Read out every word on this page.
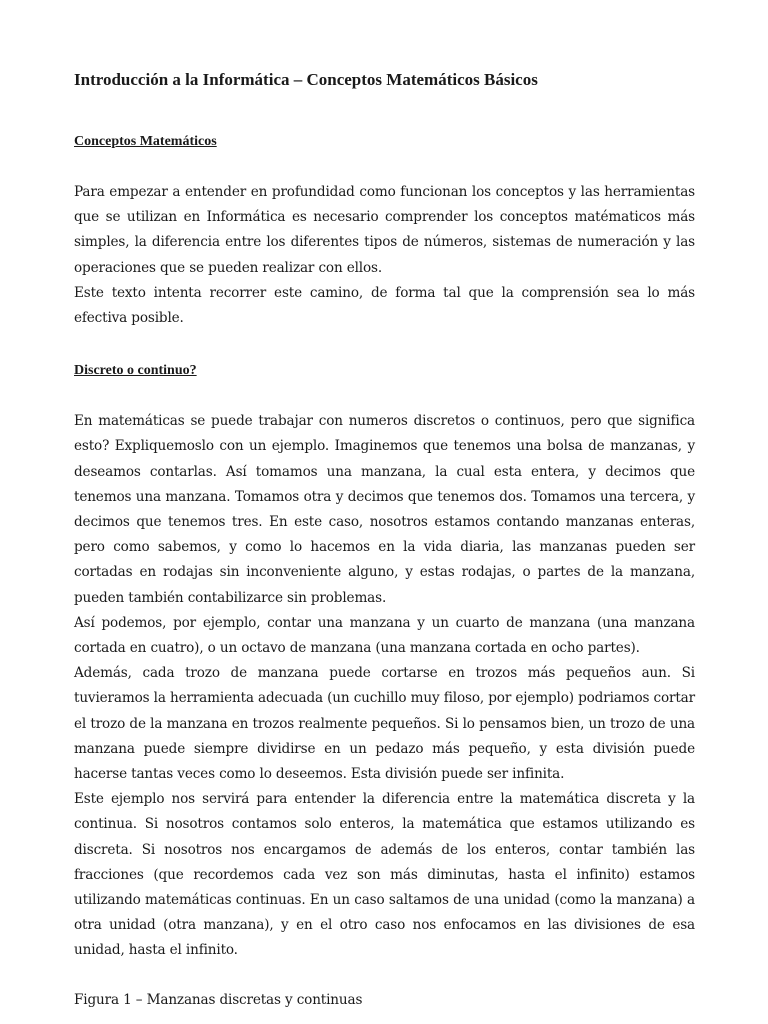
Introducción a la Informática – Conceptos Matemáticos Básicos
Conceptos Matemáticos

Para empezar a entender en profundidad como funcionan los conceptos y las herramientas que se utilizan en Informática es necesario comprender los conceptos matématicos más simples, la diferencia entre los diferentes tipos de números, sistemas de numeración y las operaciones que se pueden realizar con ellos.

Este texto intenta recorrer este camino, de forma tal que la comprensión sea lo más efectiva posible.

Discreto o continuo?

En matemáticas se puede trabajar con numeros discretos o continuos, pero que significa esto? Expliquemoslo con un ejemplo. Imaginemos que tenemos una bolsa de manzanas, y deseamos contarlas. Así tomamos una manzana, la cual esta entera, y decimos que tenemos una manzana. Tomamos otra y decimos que tenemos dos. Tomamos una tercera, y decimos que tenemos tres. En este caso, nosotros estamos contando manzanas enteras, pero como sabemos, y como lo hacemos en la vida diaria, las manzanas pueden ser cortadas en rodajas sin inconveniente alguno, y estas rodajas, o partes de la manzana, pueden también contabilizarce sin problemas.

Así podemos, por ejemplo, contar una manzana y un cuarto de manzana (una manzana cortada en cuatro), o un octavo de manzana (una manzana cortada en ocho partes).

Además, cada trozo de manzana puede cortarse en trozos más pequeños aun. Si tuvieramos la herramienta adecuada (un cuchillo muy filoso, por ejemplo) podriamos cortar el trozo de la manzana en trozos realmente pequeños. Si lo pensamos bien, un trozo de una manzana puede siempre dividirse en un pedazo más pequeño, y esta división puede hacerse tantas veces como lo deseemos. Esta división puede ser infinita.

Este ejemplo nos servirá para entender la diferencia entre la matemática discreta y la continua. Si nosotros contamos solo enteros, la matemática que estamos utilizando es discreta. Si nosotros nos encargamos de además de los enteros, contar también las fracciones (que recordemos cada vez son más diminutas, hasta el infinito) estamos utilizando matemáticas continuas. En un caso saltamos de una unidad (como la manzana) a otra unidad (otra manzana), y en el otro caso nos enfocamos en las divisiones de esa unidad, hasta el infinito.

Figura 1 – Manzanas discretas y continuas
